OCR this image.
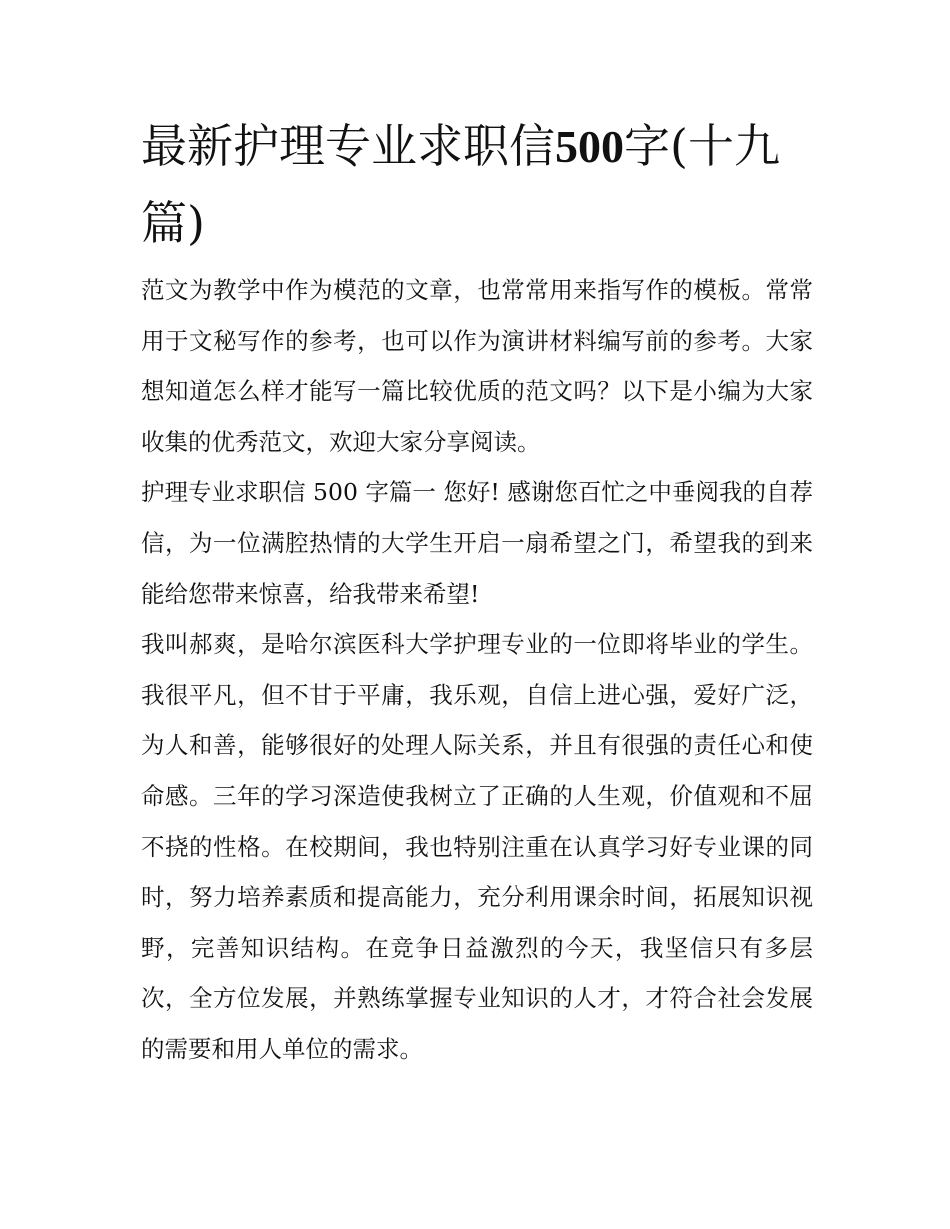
最新护理专业求职信500字(十九篇)

范文为教学中作为模范的文章，也常常用来指写作的模板。常常用于文秘写作的参考，也可以作为演讲材料编写前的参考。大家想知道怎么样才能写一篇比较优质的范文吗？以下是小编为大家收集的优秀范文，欢迎大家分享阅读。

护理专业求职信 500 字篇一 您好! 感谢您百忙之中垂阅我的自荐信，为一位满腔热情的大学生开启一扇希望之门，希望我的到来能给您带来惊喜，给我带来希望!

我叫郝爽，是哈尔滨医科大学护理专业的一位即将毕业的学生。我很平凡，但不甘于平庸，我乐观，自信上进心强，爱好广泛，为人和善，能够很好的处理人际关系，并且有很强的责任心和使命感。三年的学习深造使我树立了正确的人生观，价值观和不屈不挠的性格。在校期间，我也特别注重在认真学习好专业课的同时，努力培养素质和提高能力，充分利用课余时间，拓展知识视野，完善知识结构。在竞争日益激烈的今天，我坚信只有多层次，全方位发展，并熟练掌握专业知识的人才，才符合社会发展的需要和用人单位的需求。
